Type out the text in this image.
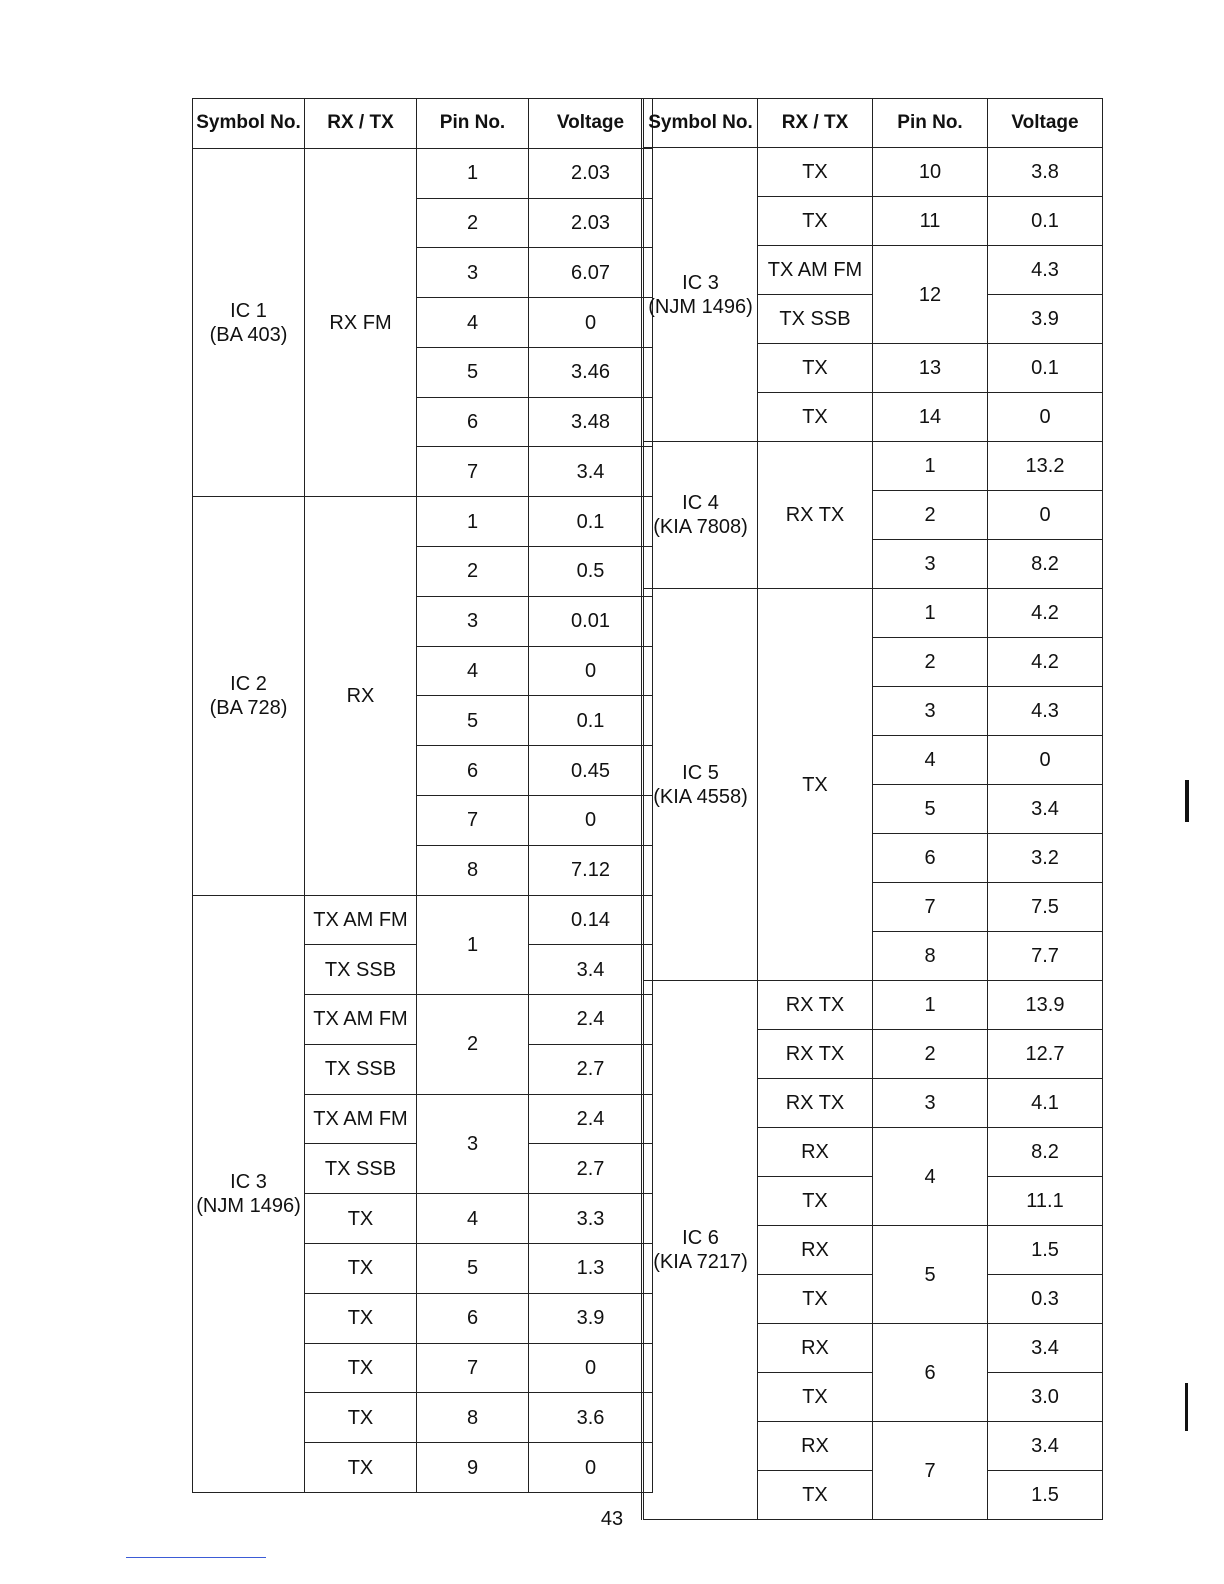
Symbol No.	RX / TX	Pin No.	Voltage
IC 1
(BA 403)	RX FM	1	2.03
		2	2.03
		3	6.07
		4	0
		5	3.46
		6	3.48
		7	3.4
IC 2
(BA 728)	RX	1	0.1
		2	0.5
		3	0.01
		4	0
		5	0.1
		6	0.45
		7	0
		8	7.12
IC 3
(NJM 1496)	TX AM FM	1	0.14
	TX SSB		3.4
	TX AM FM	2	2.4
	TX SSB		2.7
	TX AM FM	3	2.4
	TX SSB		2.7
	TX	4	3.3
	TX	5	1.3
	TX	6	3.9
	TX	7	0
	TX	8	3.6
	TX	9	0
Symbol No.	RX / TX	Pin No.	Voltage
IC 3
(NJM 1496)	TX	10	3.8
	TX	11	0.1
	TX AM FM	12	4.3
	TX SSB		3.9
	TX	13	0.1
	TX	14	0
IC 4
(KIA 7808)	RX TX	1	13.2
		2	0
		3	8.2
IC 5
(KIA 4558)	TX	1	4.2
		2	4.2
		3	4.3
		4	0
		5	3.4
		6	3.2
		7	7.5
		8	7.7
IC 6
(KIA 7217)	RX TX	1	13.9
	RX TX	2	12.7
	RX TX	3	4.1
	RX	4	8.2
	TX		11.1
	RX	5	1.5
	TX		0.3
	RX	6	3.4
	TX		3.0
	RX	7	3.4
	TX		1.5
43
